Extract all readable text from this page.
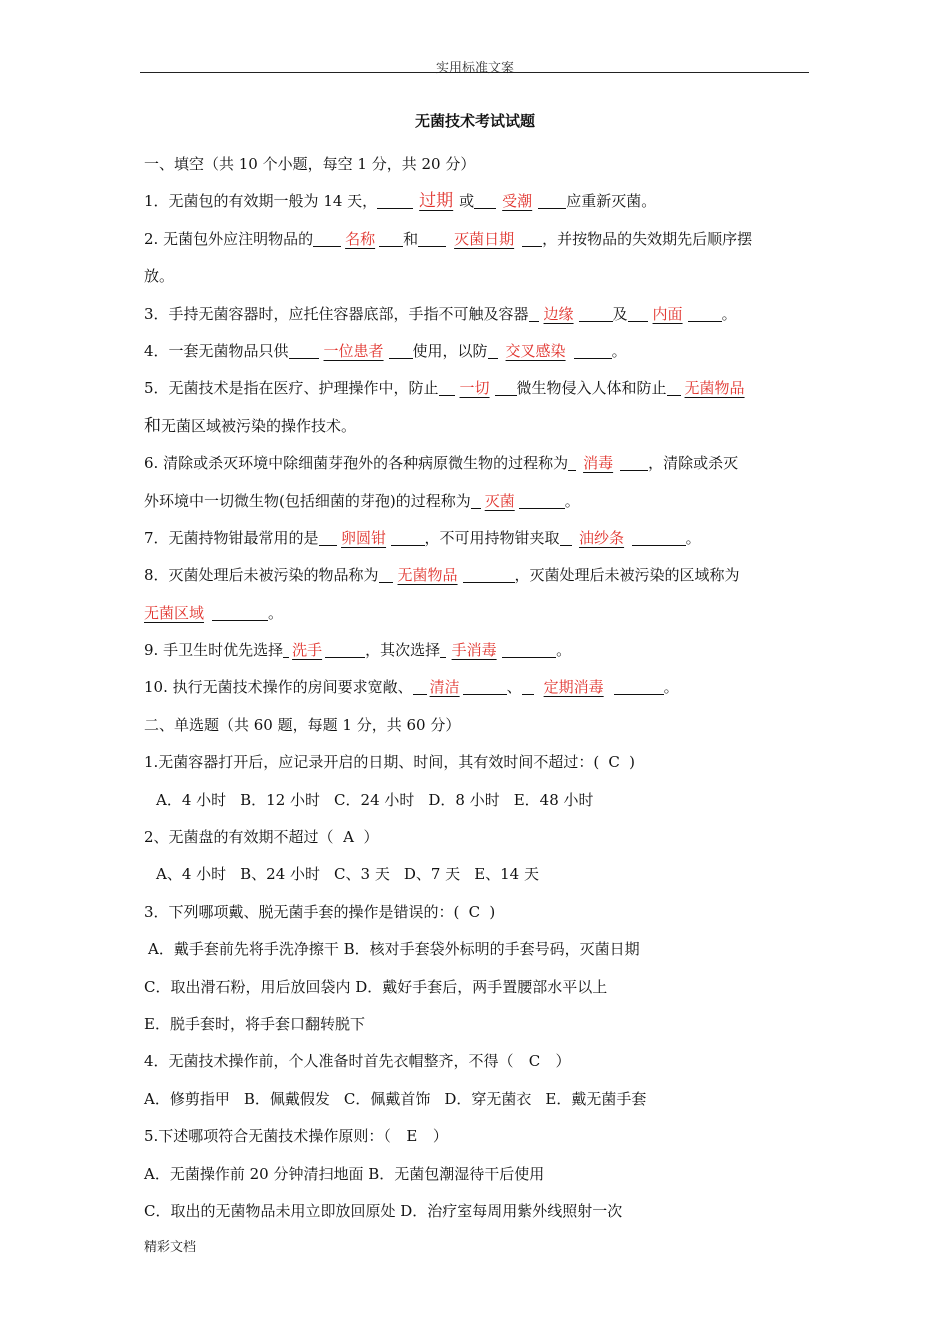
实用标准文案
无菌技术考试试题
一、填空（共 10 个小题，每空 1 分，共 20 分）
1．无菌包的有效期一般为 14 天， 过期 或 受潮 应重新灭菌。
2. 无菌包外应注明物品的 名称 和 灭菌日期 ，并按物品的失效期先后顺序摆
放。
3．手持无菌容器时，应托住容器底部，手指不可触及容器 边缘	及 内面	。
4．一套无菌物品只供 一位患者 使用，以防 交叉感染	。
5．无菌技术是指在医疗、护理操作中，防止 一切 微生物侵入人体和防止 无菌物品
和无菌区域被污染的操作技术。
6. 清除或杀灭环境中除细菌芽孢外的各种病原微生物的过程称为 消毒 ，清除或杀灭
外环境中一切微生物(包括细菌的芽孢)的过程称为 灭菌	。
7．无菌持物钳最常用的是 卵圆钳	，不可用持物钳夹取 油纱条	。
8．灭菌处理后未被污染的物品称为 无菌物品	，灭菌处理后未被污染的区域称为
无菌区域	。
9. 手卫生时优先选择 洗手	，其次选择 手消毒	。
10. 执行无菌技术操作的房间要求宽敞、 清洁	、 定期消毒	。
二、单选题（共 60 题，每题 1 分，共 60 分）
1.无菌容器打开后，应记录开启的日期、时间，其有效时间不超过：( C )
A．4 小时 B．12 小时 C．24 小时 D．8 小时 E．48 小时
2、无菌盘的有效期不超过（ A ）
A、4 小时 B、24 小时 C、3 天 D、7 天 E、14 天
3．下列哪项戴、脱无菌手套的操作是错误的：( C )
A．戴手套前先将手洗净擦干 B．核对手套袋外标明的手套号码，灭菌日期
C．取出滑石粉，用后放回袋内 D．戴好手套后，两手置腰部水平以上
E．脱手套时，将手套口翻转脱下
4．无菌技术操作前，个人准备时首先衣帽整齐，不得（ C ）
A．修剪指甲 B．佩戴假发 C．佩戴首饰 D．穿无菌衣 E．戴无菌手套
5.下述哪项符合无菌技术操作原则：（ E ）
A．无菌操作前 20 分钟清扫地面 B．无菌包潮湿待干后使用
C．取出的无菌物品未用立即放回原处 D．治疗室每周用紫外线照射一次
精彩文档
